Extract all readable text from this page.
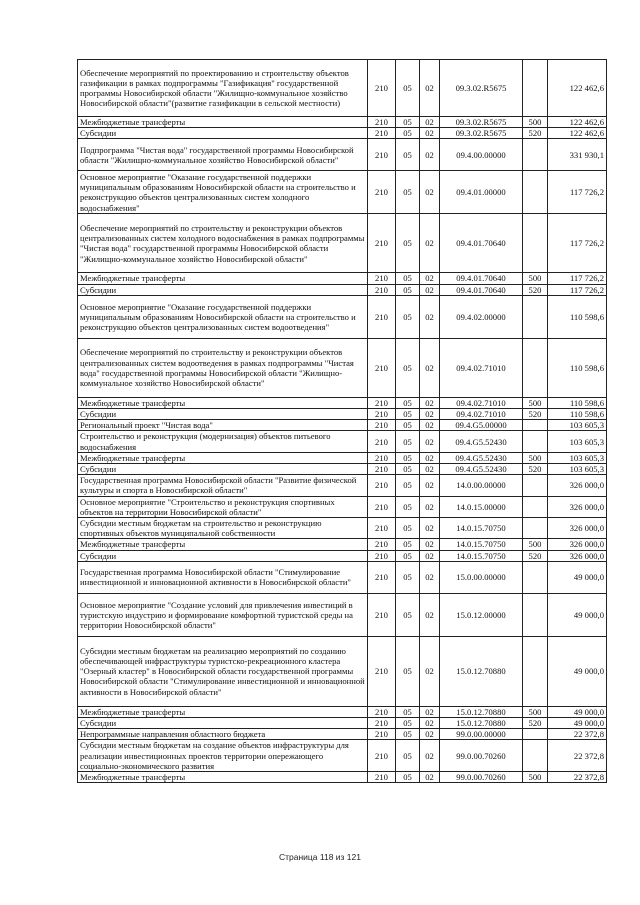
Обеспечение мероприятий по проектированию и строительству объектов газификации в рамках подпрограммы "Газификация" государственной программы Новосибирской области "Жилищно-коммунальное хозяйство Новосибирской области"(развитие газификации в сельской местности)	210	05	02	09.3.02.R5675		122 462,6
Межбюджетные трансферты	210	05	02	09.3.02.R5675	500	122 462,6
Субсидии	210	05	02	09.3.02.R5675	520	122 462,6
Подпрограмма "Чистая вода" государственной программы Новосибирской области "Жилищно-коммунальное хозяйство Новосибирской области"	210	05	02	09.4.00.00000		331 930,1
Основное мероприятие "Оказание государственной поддержки муниципальным образованиям Новосибирской области на строительство и реконструкцию объектов централизованных систем холодного водоснабжения"	210	05	02	09.4.01.00000		117 726,2
Обеспечение мероприятий по строительству и реконструкции объектов централизованных систем холодного водоснабжения в рамках подпрограммы "Чистая вода" государственной программы Новосибирской области "Жилищно-коммунальное хозяйство Новосибирской области"	210	05	02	09.4.01.70640		117 726,2
Межбюджетные трансферты	210	05	02	09.4.01.70640	500	117 726,2
Субсидии	210	05	02	09.4.01.70640	520	117 726,2
Основное мероприятие "Оказание государственной поддержки муниципальным образованиям Новосибирской области на строительство и реконструкцию объектов централизованных систем водоотведения"	210	05	02	09.4.02.00000		110 598,6
Обеспечение мероприятий по строительству и реконструкции объектов централизованных систем водоотведения в рамках подпрограммы "Чистая вода" государственной программы Новосибирской области "Жилищно-коммунальное хозяйство Новосибирской области"	210	05	02	09.4.02.71010		110 598,6
Межбюджетные трансферты	210	05	02	09.4.02.71010	500	110 598,6
Субсидии	210	05	02	09.4.02.71010	520	110 598,6
Региональный проект "Чистая вода"	210	05	02	09.4.G5.00000		103 605,3
Строительство и реконструкция (модернизация) объектов питьевого водоснабжения	210	05	02	09.4.G5.52430		103 605,3
Межбюджетные трансферты	210	05	02	09.4.G5.52430	500	103 605,3
Субсидии	210	05	02	09.4.G5.52430	520	103 605,3
Государственная программа Новосибирской области "Развитие физической культуры и спорта в Новосибирской области"	210	05	02	14.0.00.00000		326 000,0
Основное мероприятие "Строительство и реконструкция спортивных объектов на территории Новосибирской области"	210	05	02	14.0.15.00000		326 000,0
Субсидии местным бюджетам на строительство и реконструкцию спортивных объектов муниципальной собственности	210	05	02	14.0.15.70750		326 000,0
Межбюджетные трансферты	210	05	02	14.0.15.70750	500	326 000,0
Субсидии	210	05	02	14.0.15.70750	520	326 000,0
Государственная программа Новосибирской области "Стимулирование инвестиционной и инновационной активности в Новосибирской области"	210	05	02	15.0.00.00000		49 000,0
Основное мероприятие "Создание условий для привлечения инвестиций в туристскую индустрию и формирование комфортной туристской среды на территории Новосибирской области"	210	05	02	15.0.12.00000		49 000,0
Субсидии местным бюджетам на реализацию мероприятий по созданию обеспечивающей инфраструктуры туристско-рекреационного кластера "Озерный кластер" в Новосибирской области государственной программы Новосибирской области "Стимулирование инвестиционной и инновационной активности в Новосибирской области"	210	05	02	15.0.12.70880		49 000,0
Межбюджетные трансферты	210	05	02	15.0.12.70880	500	49 000,0
Субсидии	210	05	02	15.0.12.70880	520	49 000,0
Непрограммные направления областного бюджета	210	05	02	99.0.00.00000		22 372,8
Субсидии местным бюджетам на создание объектов инфраструктуры для реализации инвестиционных проектов территории опережающего социально-экономического развития	210	05	02	99.0.00.70260		22 372,8
Межбюджетные трансферты	210	05	02	99.0.00.70260	500	22 372,8
Страница 118 из 121
